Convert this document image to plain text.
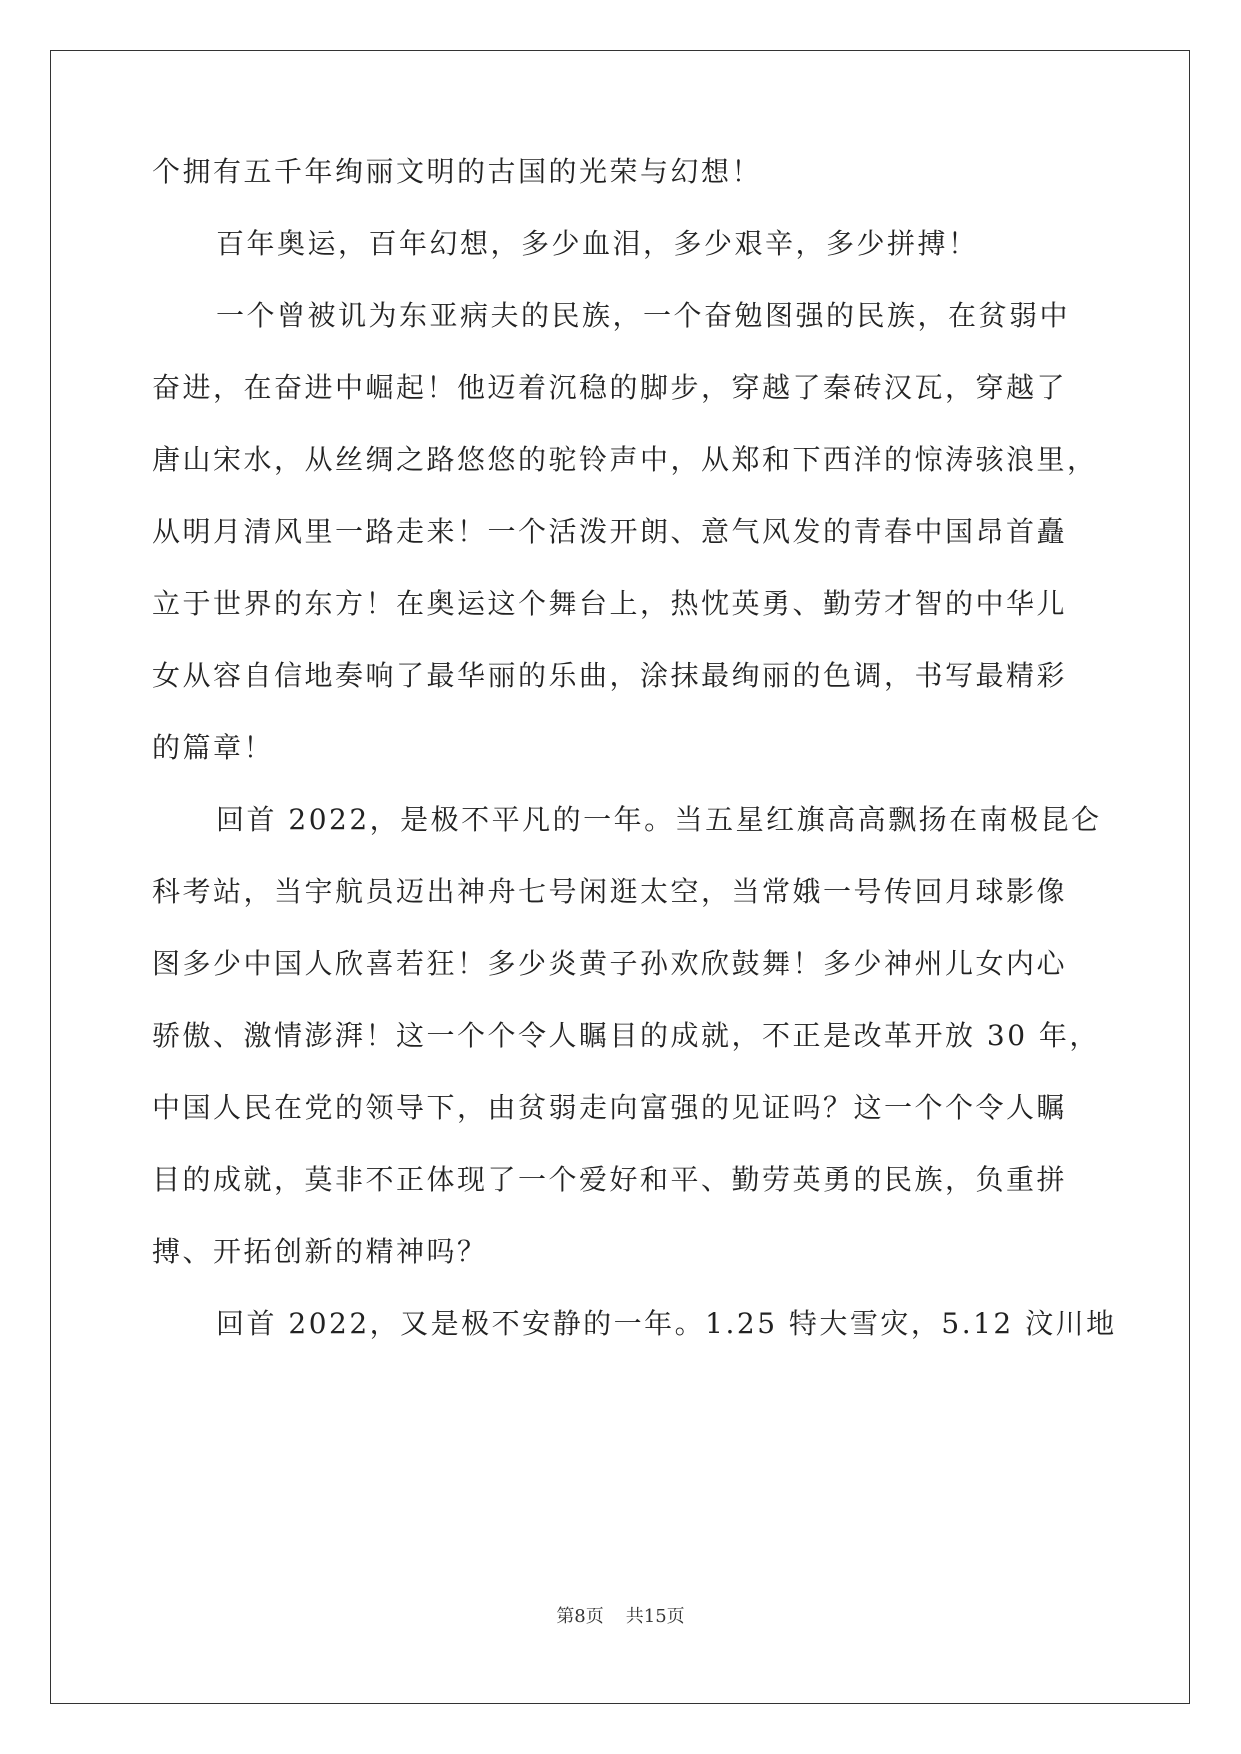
个拥有五千年绚丽文明的古国的光荣与幻想！
百年奥运，百年幻想，多少血泪，多少艰辛，多少拼搏！
一个曾被讥为东亚病夫的民族，一个奋勉图强的民族，在贫弱中
奋进，在奋进中崛起！他迈着沉稳的脚步，穿越了秦砖汉瓦，穿越了
唐山宋水，从丝绸之路悠悠的驼铃声中，从郑和下西洋的惊涛骇浪里，
从明月清风里一路走来！一个活泼开朗、意气风发的青春中国昂首矗
立于世界的东方！在奥运这个舞台上，热忱英勇、勤劳才智的中华儿
女从容自信地奏响了最华丽的乐曲，涂抹最绚丽的色调，书写最精彩
的篇章！
回首 2022，是极不平凡的一年。当五星红旗高高飘扬在南极昆仑
科考站，当宇航员迈出神舟七号闲逛太空，当常娥一号传回月球影像
图多少中国人欣喜若狂！多少炎黄子孙欢欣鼓舞！多少神州儿女内心
骄傲、激情澎湃！这一个个令人瞩目的成就，不正是改革开放 30 年，
中国人民在党的领导下，由贫弱走向富强的见证吗？这一个个令人瞩
目的成就，莫非不正体现了一个爱好和平、勤劳英勇的民族，负重拼
搏、开拓创新的精神吗？
回首 2022，又是极不安静的一年。1.25 特大雪灾，5.12 汶川地
第8页 共15页
